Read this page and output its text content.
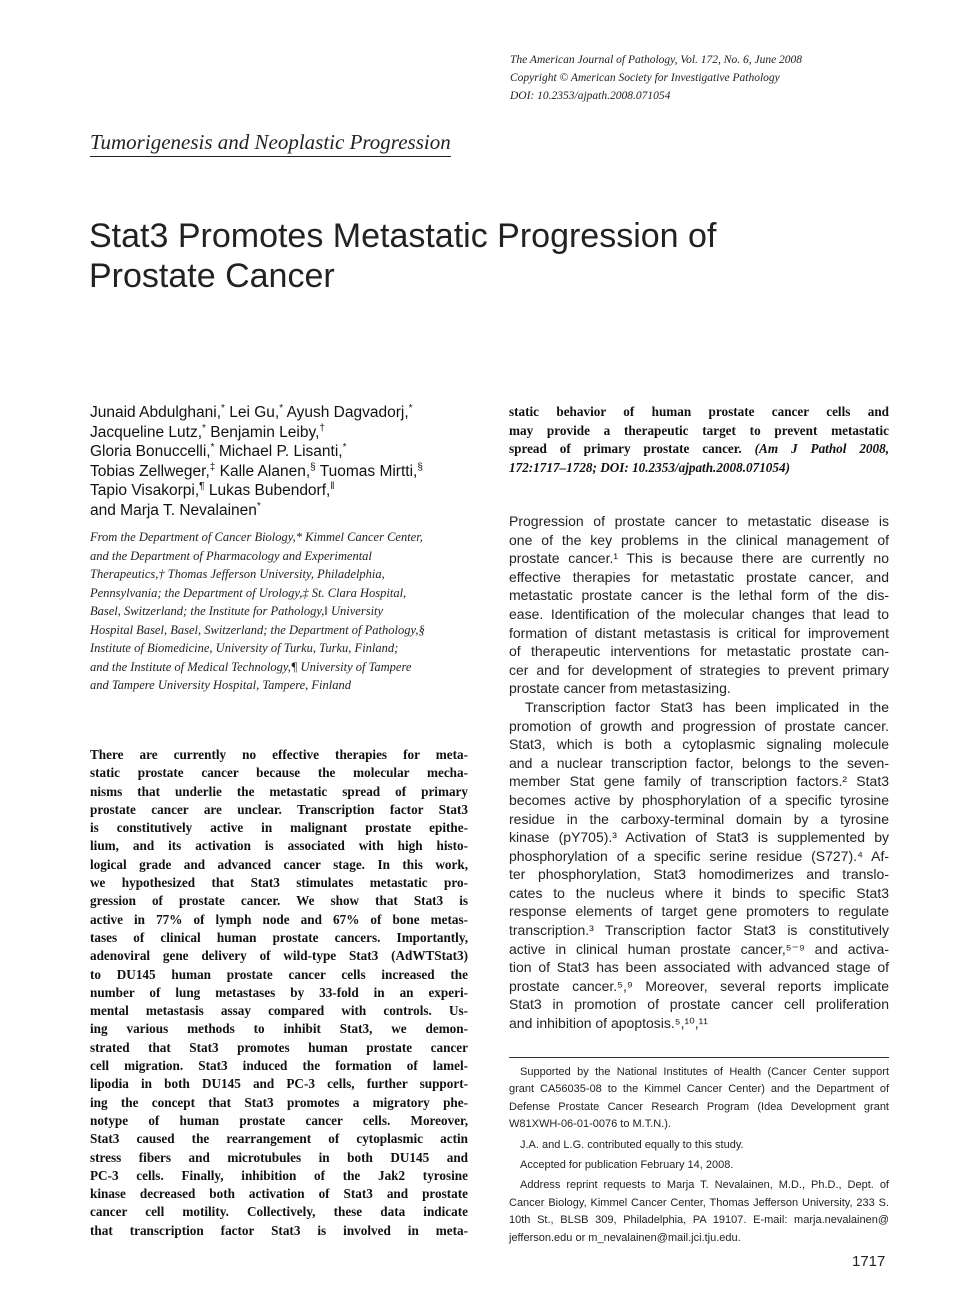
The American Journal of Pathology, Vol. 172, No. 6, June 2008
Copyright © American Society for Investigative Pathology
DOI: 10.2353/ajpath.2008.071054
Tumorigenesis and Neoplastic Progression
Stat3 Promotes Metastatic Progression of
Prostate Cancer
Junaid Abdulghani,* Lei Gu,* Ayush Dagvadorj,*
Jacqueline Lutz,* Benjamin Leiby,†
Gloria Bonuccelli,* Michael P. Lisanti,*
Tobias Zellweger,‡ Kalle Alanen,§ Tuomas Mirtti,§
Tapio Visakorpi,¶ Lukas Bubendorf,‖
and Marja T. Nevalainen*
From the Department of Cancer Biology,* Kimmel Cancer Center,
and the Department of Pharmacology and Experimental
Therapeutics,† Thomas Jefferson University, Philadelphia,
Pennsylvania; the Department of Urology,‡ St. Clara Hospital,
Basel, Switzerland; the Institute for Pathology,‖ University
Hospital Basel, Basel, Switzerland; the Department of Pathology,§
Institute of Biomedicine, University of Turku, Turku, Finland;
and the Institute of Medical Technology,¶ University of Tampere
and Tampere University Hospital, Tampere, Finland
There are currently no effective therapies for meta-
static prostate cancer because the molecular mecha-
nisms that underlie the metastatic spread of primary
prostate cancer are unclear. Transcription factor Stat3
is constitutively active in malignant prostate epithe-
lium, and its activation is associated with high histo-
logical grade and advanced cancer stage. In this work,
we hypothesized that Stat3 stimulates metastatic pro-
gression of prostate cancer. We show that Stat3 is
active in 77% of lymph node and 67% of bone metas-
tases of clinical human prostate cancers. Importantly,
adenoviral gene delivery of wild-type Stat3 (AdWTStat3)
to DU145 human prostate cancer cells increased the
number of lung metastases by 33-fold in an experi-
mental metastasis assay compared with controls. Us-
ing various methods to inhibit Stat3, we demon-
strated that Stat3 promotes human prostate cancer
cell migration. Stat3 induced the formation of lamel-
lipodia in both DU145 and PC-3 cells, further support-
ing the concept that Stat3 promotes a migratory phe-
notype of human prostate cancer cells. Moreover,
Stat3 caused the rearrangement of cytoplasmic actin
stress fibers and microtubules in both DU145 and
PC-3 cells. Finally, inhibition of the Jak2 tyrosine
kinase decreased both activation of Stat3 and prostate
cancer cell motility. Collectively, these data indicate
that transcription factor Stat3 is involved in meta-
static behavior of human prostate cancer cells and
may provide a therapeutic target to prevent metastatic
spread of primary prostate cancer. (Am J Pathol 2008,
172:1717–1728; DOI: 10.2353/ajpath.2008.071054)
Progression of prostate cancer to metastatic disease is
one of the key problems in the clinical management of
prostate cancer.¹ This is because there are currently no
effective therapies for metastatic prostate cancer, and
metastatic prostate cancer is the lethal form of the dis-
ease. Identification of the molecular changes that lead to
formation of distant metastasis is critical for improvement
of therapeutic interventions for metastatic prostate can-
cer and for development of strategies to prevent primary
prostate cancer from metastasizing.
Transcription factor Stat3 has been implicated in the
promotion of growth and progression of prostate cancer.
Stat3, which is both a cytoplasmic signaling molecule
and a nuclear transcription factor, belongs to the seven-
member Stat gene family of transcription factors.² Stat3
becomes active by phosphorylation of a specific tyrosine
residue in the carboxy-terminal domain by a tyrosine
kinase (pY705).³ Activation of Stat3 is supplemented by
phosphorylation of a specific serine residue (S727).⁴ Af-
ter phosphorylation, Stat3 homodimerizes and translo-
cates to the nucleus where it binds to specific Stat3
response elements of target gene promoters to regulate
transcription.³ Transcription factor Stat3 is constitutively
active in clinical human prostate cancer,⁵⁻⁹ and activa-
tion of Stat3 has been associated with advanced stage of
prostate cancer.⁵,⁹ Moreover, several reports implicate
Stat3 in promotion of prostate cancer cell proliferation
and inhibition of apoptosis.⁵,¹⁰,¹¹
Supported by the National Institutes of Health (Cancer Center support
grant CA56035-08 to the Kimmel Cancer Center) and the Department of
Defense Prostate Cancer Research Program (Idea Development grant
W81XWH-06-01-0076 to M.T.N.).
J.A. and L.G. contributed equally to this study.
Accepted for publication February 14, 2008.
Address reprint requests to Marja T. Nevalainen, M.D., Ph.D., Dept. of
Cancer Biology, Kimmel Cancer Center, Thomas Jefferson University, 233 S.
10th St., BLSB 309, Philadelphia, PA 19107. E-mail: marja.nevalainen@
jefferson.edu or m_nevalainen@mail.jci.tju.edu.
1717
